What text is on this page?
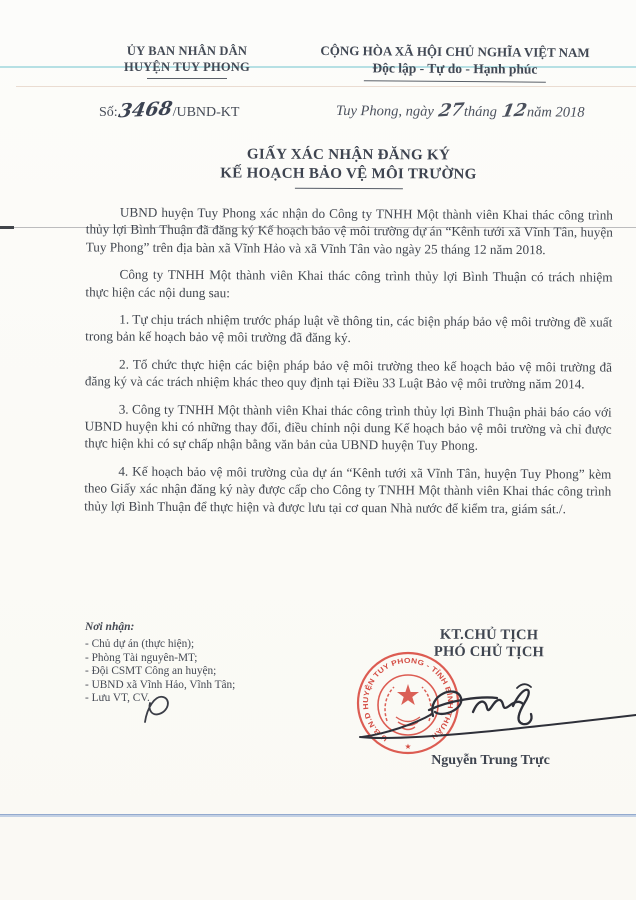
ỦY BAN NHÂN DÂN
HUYỆN TUY PHONG
CỘNG HÒA XÃ HỘI CHỦ NGHĨA VIỆT NAM
Độc lập - Tự do - Hạnh phúc
Số:3468/UBND-KT	Tuy Phong, ngày 27tháng 12năm 2018
GIẤY XÁC NHẬN ĐĂNG KÝ
KẾ HOẠCH BẢO VỆ MÔI TRƯỜNG

UBND huyện Tuy Phong xác nhận do Công ty TNHH Một thành viên Khai thác công trình thủy lợi Bình Thuận đã đăng ký Kế hoạch bảo vệ môi trường dự án “Kênh tưới xã Vĩnh Tân, huyện Tuy Phong” trên địa bàn xã Vĩnh Hảo và xã Vĩnh Tân vào ngày 25 tháng 12 năm 2018.

Công ty TNHH Một thành viên Khai thác công trình thủy lợi Bình Thuận có trách nhiệm thực hiện các nội dung sau:

1. Tự chịu trách nhiệm trước pháp luật về thông tin, các biện pháp bảo vệ môi trường đề xuất trong bản kế hoạch bảo vệ môi trường đã đăng ký.

2. Tổ chức thực hiện các biện pháp bảo vệ môi trường theo kế hoạch bảo vệ môi trường đã đăng ký và các trách nhiệm khác theo quy định tại Điều 33 Luật Bảo vệ môi trường năm 2014.

3. Công ty TNHH Một thành viên Khai thác công trình thủy lợi Bình Thuận phải báo cáo với UBND huyện khi có những thay đổi, điều chỉnh nội dung Kế hoạch bảo vệ môi trường và chỉ được thực hiện khi có sự chấp nhận bằng văn bản của UBND huyện Tuy Phong.

4. Kế hoạch bảo vệ môi trường của dự án “Kênh tưới xã Vĩnh Tân, huyện Tuy Phong” kèm theo Giấy xác nhận đăng ký này được cấp cho Công ty TNHH Một thành viên Khai thác công trình thủy lợi Bình Thuận để thực hiện và được lưu tại cơ quan Nhà nước để kiểm tra, giám sát./.

Nơi nhận:
- Chủ dự án (thực hiện);
- Phòng Tài nguyên-MT;
- Đội CSMT Công an huyện;
- UBND xã Vĩnh Hảo, Vĩnh Tân;
- Lưu VT, CV.
KT.CHỦ TỊCH
PHÓ CHỦ TỊCH
U.B.N.D HUYỆN TUY PHONG - TỈNH BÌNH THUẬN
★
Nguyễn Trung Trực
